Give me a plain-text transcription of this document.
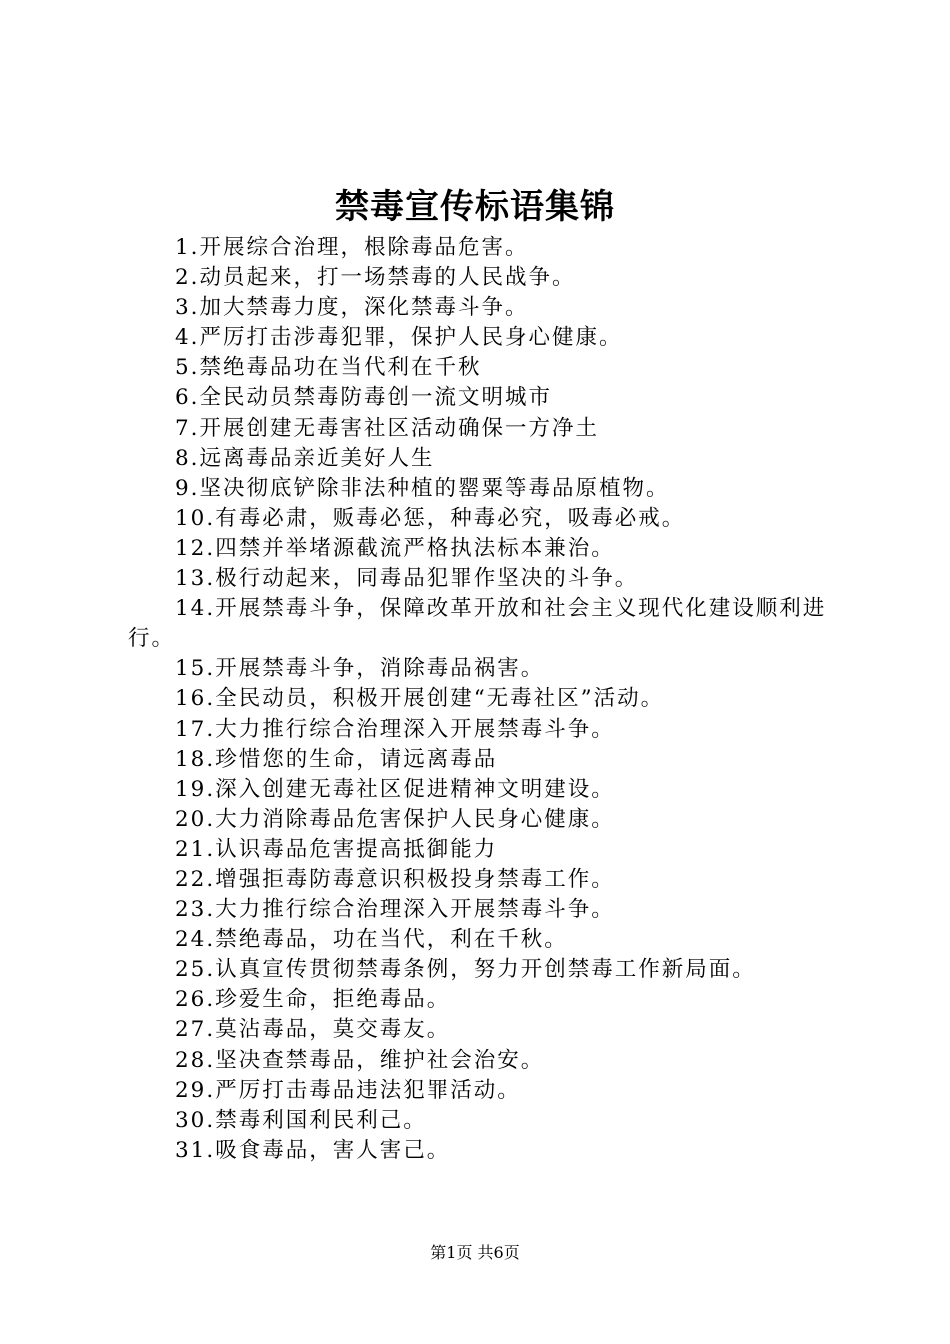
禁毒宣传标语集锦
1.开展综合治理，根除毒品危害。
2.动员起来，打一场禁毒的人民战争。
3.加大禁毒力度，深化禁毒斗争。
4.严厉打击涉毒犯罪，保护人民身心健康。
5.禁绝毒品功在当代利在千秋
6.全民动员禁毒防毒创一流文明城市
7.开展创建无毒害社区活动确保一方净土
8.远离毒品亲近美好人生
9.坚决彻底铲除非法种植的罂粟等毒品原植物。
10.有毒必肃，贩毒必惩，种毒必究，吸毒必戒。
12.四禁并举堵源截流严格执法标本兼治。
13.极行动起来，同毒品犯罪作坚决的斗争。
14.开展禁毒斗争，保障改革开放和社会主义现代化建设顺利进行。
15.开展禁毒斗争，消除毒品祸害。
16.全民动员，积极开展创建“无毒社区”活动。
17.大力推行综合治理深入开展禁毒斗争。
18.珍惜您的生命，请远离毒品
19.深入创建无毒社区促进精神文明建设。
20.大力消除毒品危害保护人民身心健康。
21.认识毒品危害提高抵御能力
22.增强拒毒防毒意识积极投身禁毒工作。
23.大力推行综合治理深入开展禁毒斗争。
24.禁绝毒品，功在当代，利在千秋。
25.认真宣传贯彻禁毒条例，努力开创禁毒工作新局面。
26.珍爱生命，拒绝毒品。
27.莫沾毒品，莫交毒友。
28.坚决查禁毒品，维护社会治安。
29.严厉打击毒品违法犯罪活动。
30.禁毒利国利民利己。
31.吸食毒品，害人害己。
第1页 共6页
